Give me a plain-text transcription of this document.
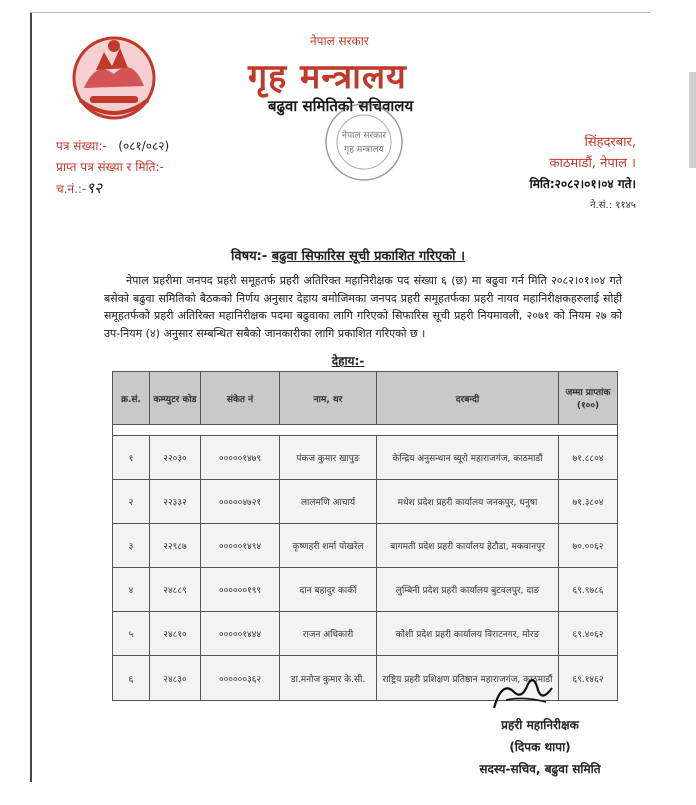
नेपाल सरकार
गृह मन्त्रालय
बढुवा समितिको सचिवालय
नेपाल सरकार
गृह मन्त्रालय
पत्र संख्या:- (०८१/०८२)
प्राप्त पत्र संख्या र मिति:-
च.नं.:-९२
सिंहदरबार,
काठमाडौं, नेपाल ।
मिति:२०८२।०१।०४ गते।
ने.सं.: ११४५
विषय:- बढुवा सिफारिस सूची प्रकाशित गरिएको ।
नेपाल प्रहरीमा जनपद प्रहरी समूहतर्फ प्रहरी अतिरिक्त महानिरीक्षक पद संख्या ६ (छ) मा बढुवा गर्न मिति २०८२।०१।०४ गते बसेको बढुवा समितिको बैठकको निर्णय अनुसार देहाय बमोजिमका जनपद प्रहरी समूहतर्फका प्रहरी नायव महानिरीक्षकहरुलाई सोही समूहतर्फको प्रहरी अतिरिक्त महानिरीक्षक पदमा बढुवाका लागि गरिएको सिफारिस सूची प्रहरी नियमावली, २०७१ को नियम २७ को उप-नियम (४) अनुसार सम्बन्धित सबैको जानकारीका लागि प्रकाशित गरिएको छ ।
देहाय:-
क्र.सं.	कम्प्युटर कोड	संकेत नं	नाम, थर	दरबन्दी	जम्मा प्राप्तांक (१००)

१	२२०३०	०००००१४७९	पंकज कुमार खापुङ	केन्द्रिय अनुसन्धान ब्यूरो महाराजगंज, काठमाडौं	७१.८८०४
२	२२३३२	०००००४७२१	लालमणि आचार्य	मधेश प्रदेश प्रहरी कार्यालय जनकपुर, धनुषा	७१.३८०४
३	२२९८७	०००००१४९४	कृष्णहरी शर्मा पोखरेल	बागमती प्रदेश प्रहरी कार्यालय हेटौडा, मकवानपुर	७०.००६२
४	२४८८९	००००००१९९	दान बहादुर कार्की	लुम्बिनी प्रदेश प्रहरी कार्यालय बुटवलपुर, दाङ	६९.९७८६
५	२४८१०	०००००१४४४	राजन अधिकारी	कोशी प्रदेश प्रहरी कार्यालय विराटनगर, मोरङ	६९.४०६२
६	२४८३०	००००००३६२	डा.मनोज कुमार के.सी.	राष्ट्रिय प्रहरी प्रशिक्षण प्रतिष्ठान महाराजगंज, काठमाडौं	६९.१४६२
प्रहरी महानिरीक्षक
(दिपक थापा)
सदस्य-सचिव, बढुवा समिति
